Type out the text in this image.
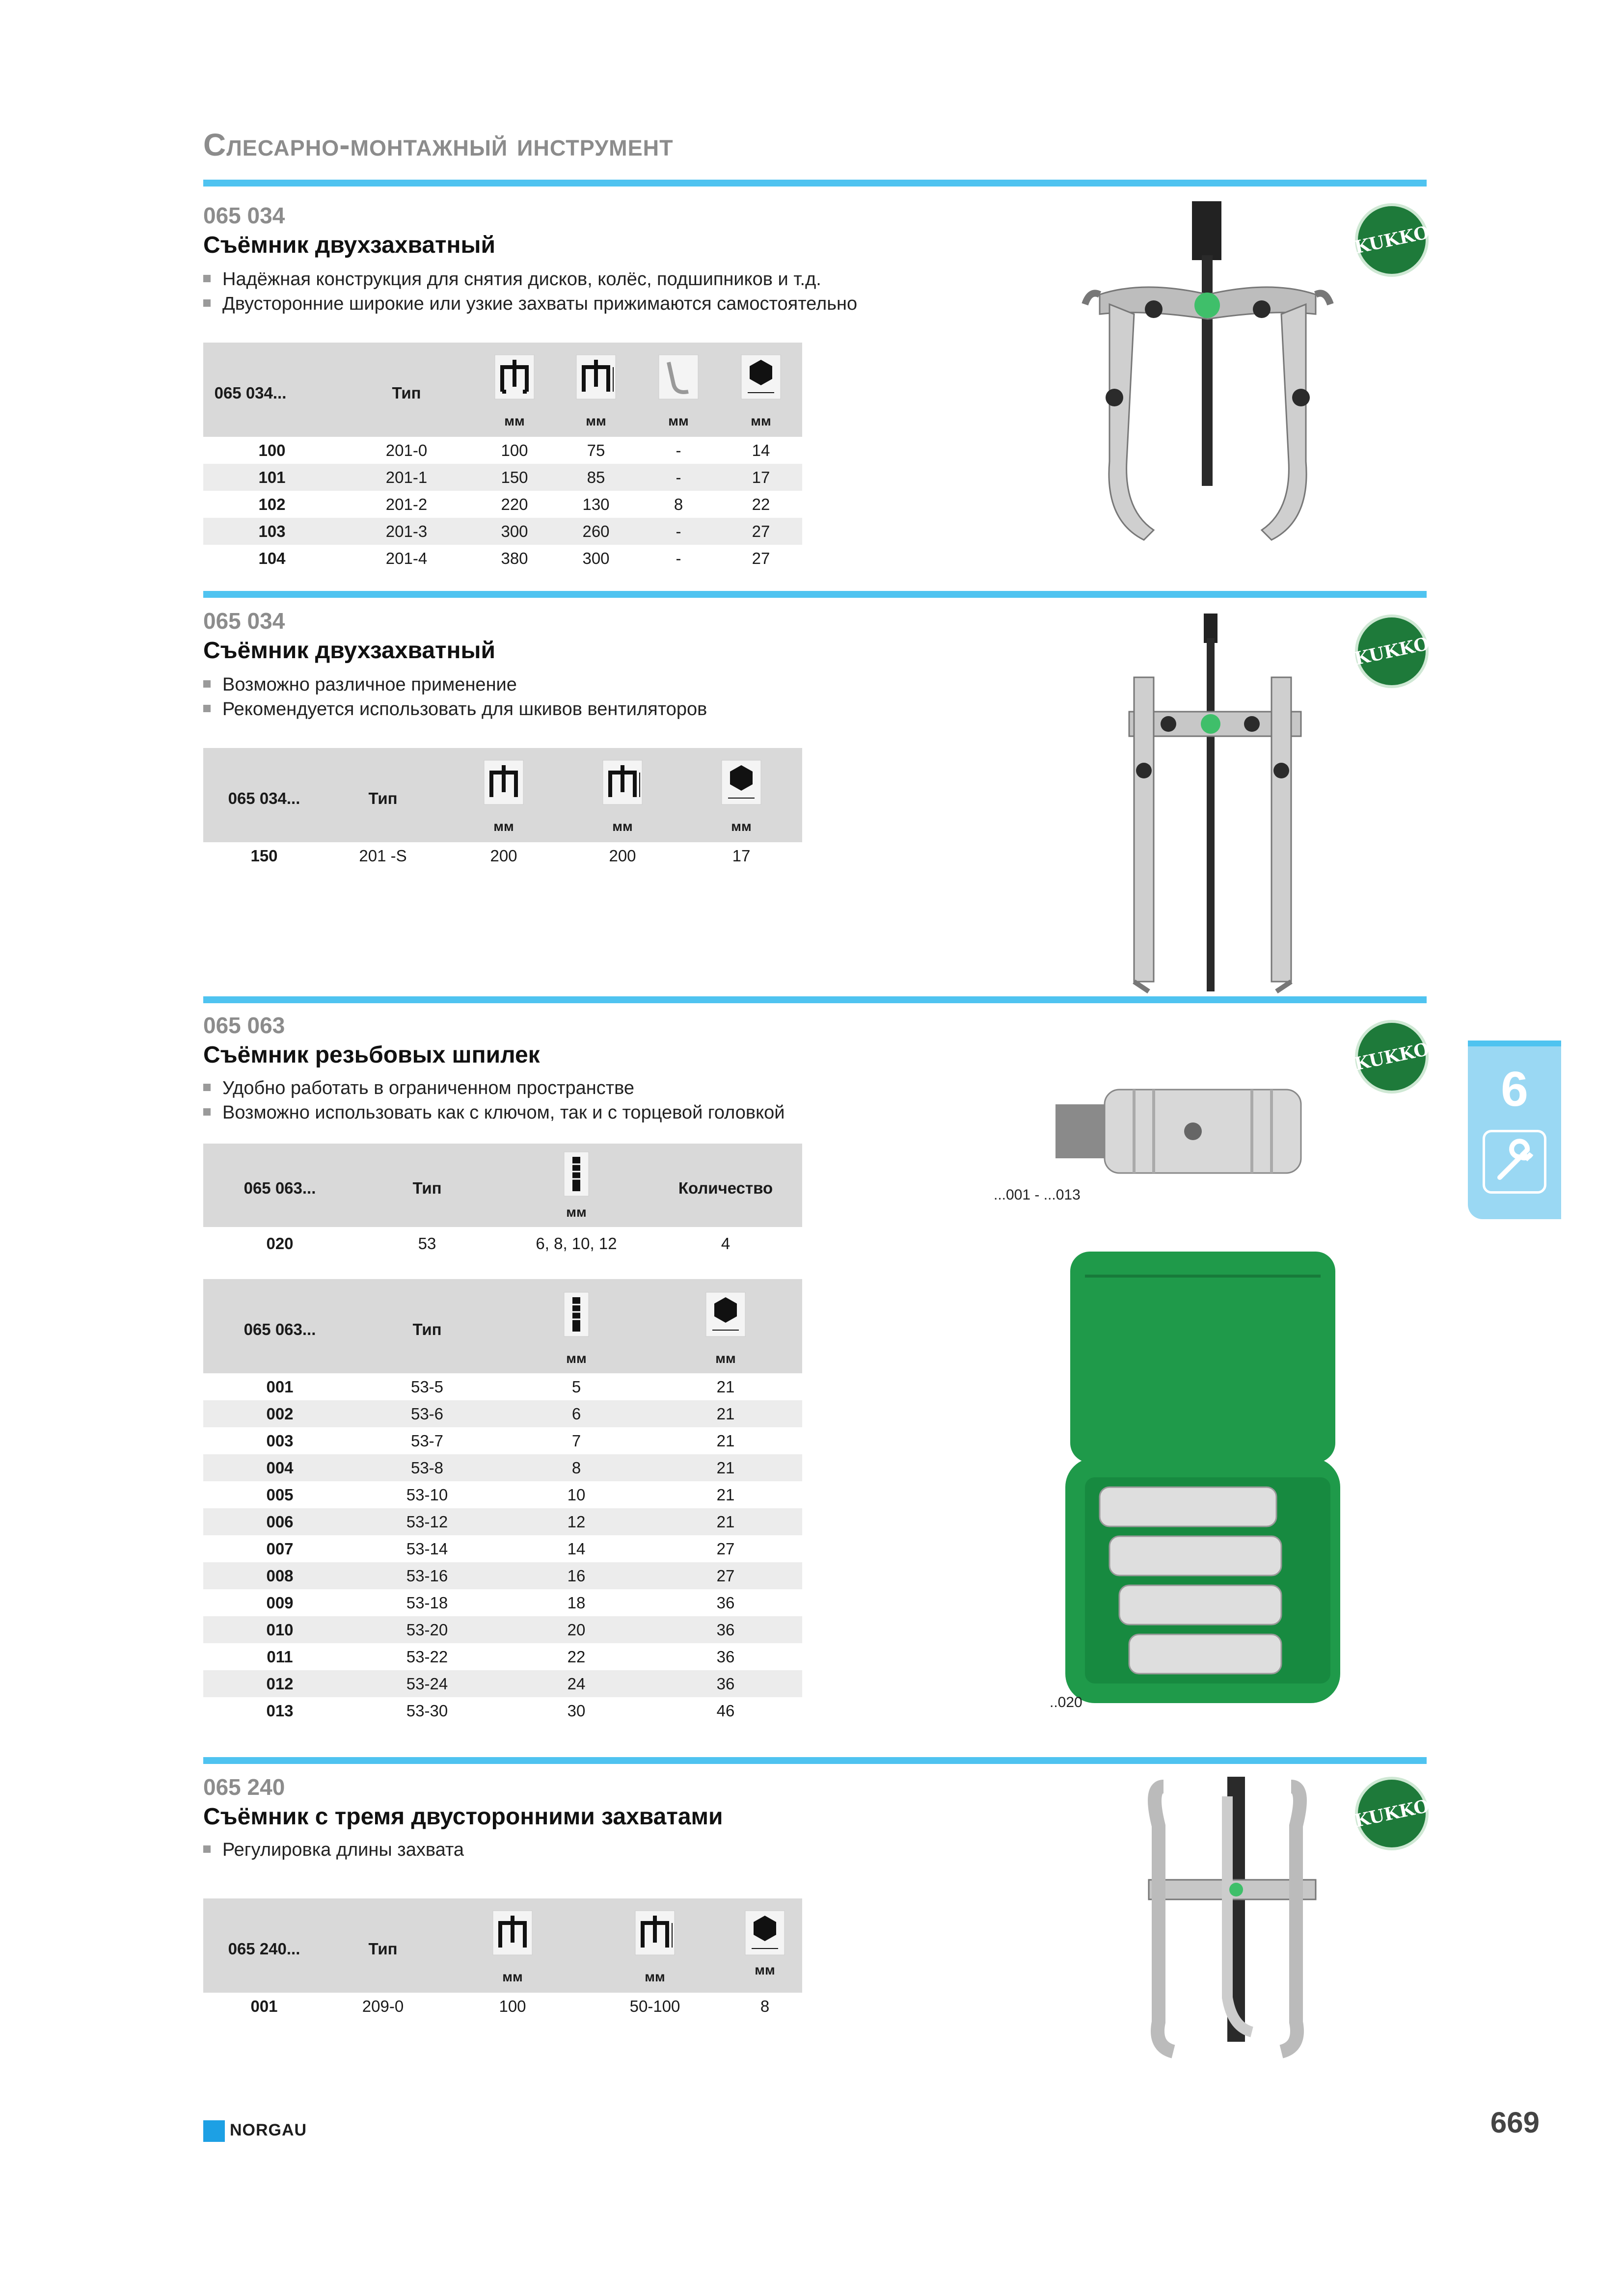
Слесарно-монтажный инструмент
6
065 034
Съёмник двухзахватный
Надёжная конструкция для снятия дисков, колёс, подшипников и т.д.
Двусторонние широкие или узкие захваты прижимаются самостоятельно
065 034...	Тип
мм	мм	мм	мм
100	201-0	100	75	-	14
101	201-1	150	85	-	17
102	201-2	220	130	8	22
103	201-3	300	260	-	27
104	201-4	380	300	-	27
KUKKO
065 034
Съёмник двухзахватный
Возможно различное применение
Рекомендуется использовать для шкивов вентиляторов
065 034...	Тип
мм	мм	мм
150	201 -S	200	200	17
KUKKO
065 063
Съёмник резьбовых шпилек
Удобно работать в ограниченном пространстве
Возможно использовать как с ключом, так и с торцевой головкой
065 063...	Тип	Количество
мм
020	53	6, 8, 10, 12	4
065 063...	Тип
мм	мм
001	53-5	5	21
002	53-6	6	21
003	53-7	7	21
004	53-8	8	21
005	53-10	10	21
006	53-12	12	21
007	53-14	14	27
008	53-16	16	27
009	53-18	18	36
010	53-20	20	36
011	53-22	22	36
012	53-24	24	36
013	53-30	30	46
KUKKO
...001 - ...013
..020
065 240
Съёмник с тремя двусторонними захватами
Регулировка длины захвата
065 240...	Тип
мм	мм	мм
001	209-0	100	50-100	8
KUKKO
NORGAU	669
